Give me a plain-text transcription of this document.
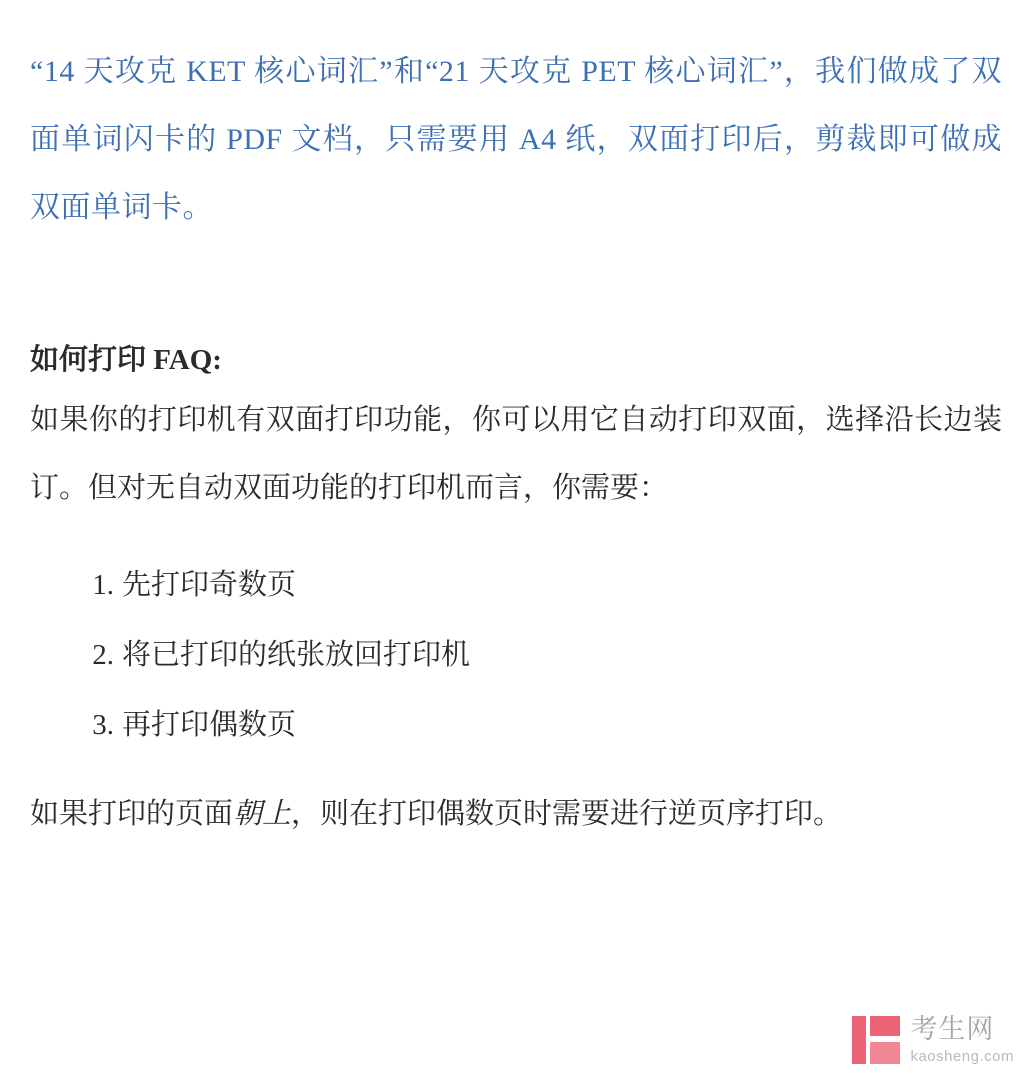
“14 天攻克 KET 核心词汇”和“21 天攻克 PET 核心词汇”，我们做成了双面单词闪卡的 PDF 文档，只需要用 A4 纸，双面打印后，剪裁即可做成双面单词卡。

如何打印 FAQ:

如果你的打印机有双面打印功能，你可以用它自动打印双面，选择沿长边装订。但对无自动双面功能的打印机而言，你需要：

先打印奇数页
将已打印的纸张放回打印机
再打印偶数页

如果打印的页面朝上，则在打印偶数页时需要进行逆页序打印。

考生网
kaosheng.com
